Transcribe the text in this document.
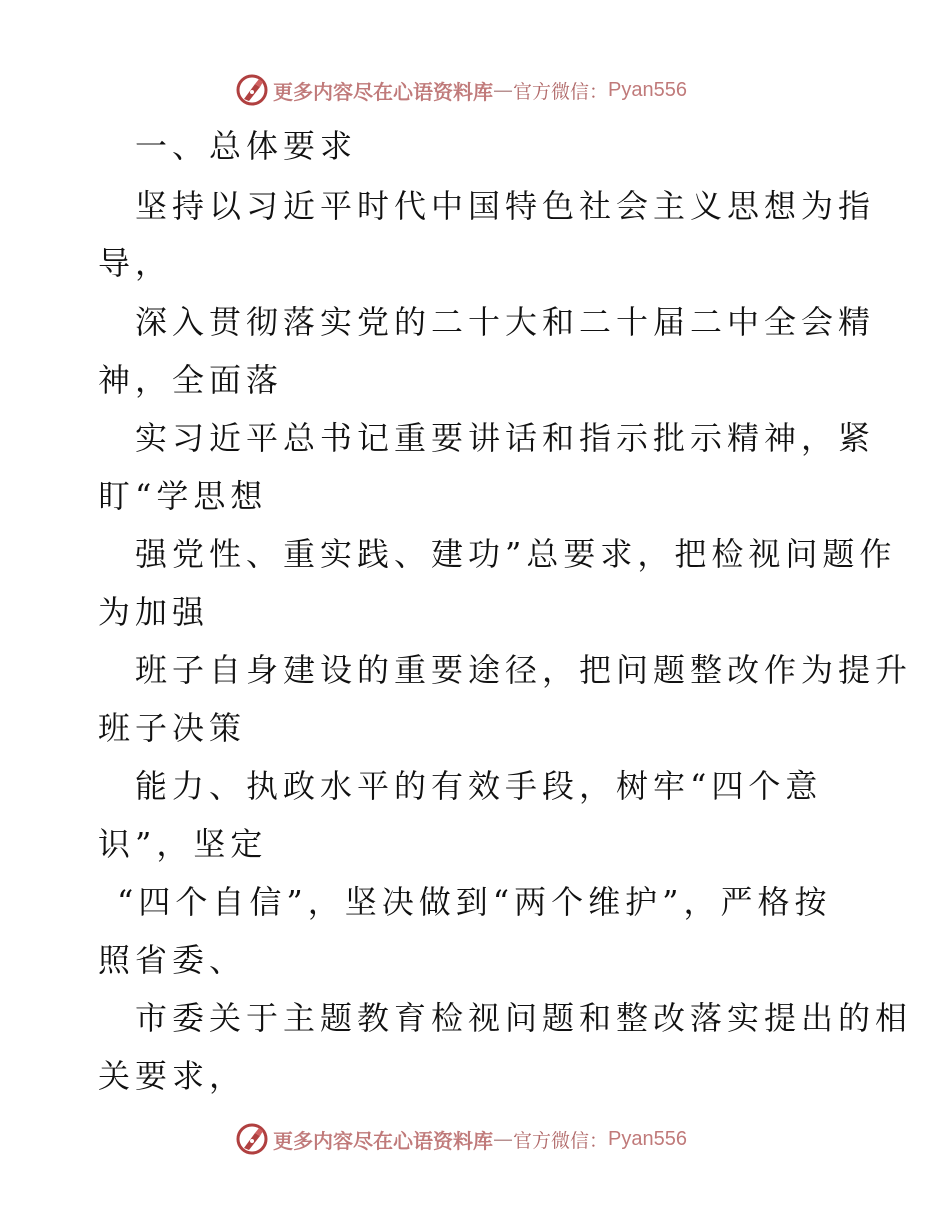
更多内容尽在心语资料库 — 官方微信： Pyan556
一、总体要求
坚持以习近平时代中国特色社会主义思想为指
导，
深入贯彻落实党的二十大和二十届二中全会精
神，全面落
实习近平总书记重要讲话和指示批示精神，紧
盯“学思想
强党性、重实践、建功”总要求，把检视问题作
为加强
班子自身建设的重要途径，把问题整改作为提升
班子决策
能力、执政水平的有效手段，树牢“四个意
识”，坚定
“四个自信”，坚决做到“两个维护”，严格按
照省委、
市委关于主题教育检视问题和整改落实提出的相
关要求，
更多内容尽在心语资料库 — 官方微信： Pyan556
